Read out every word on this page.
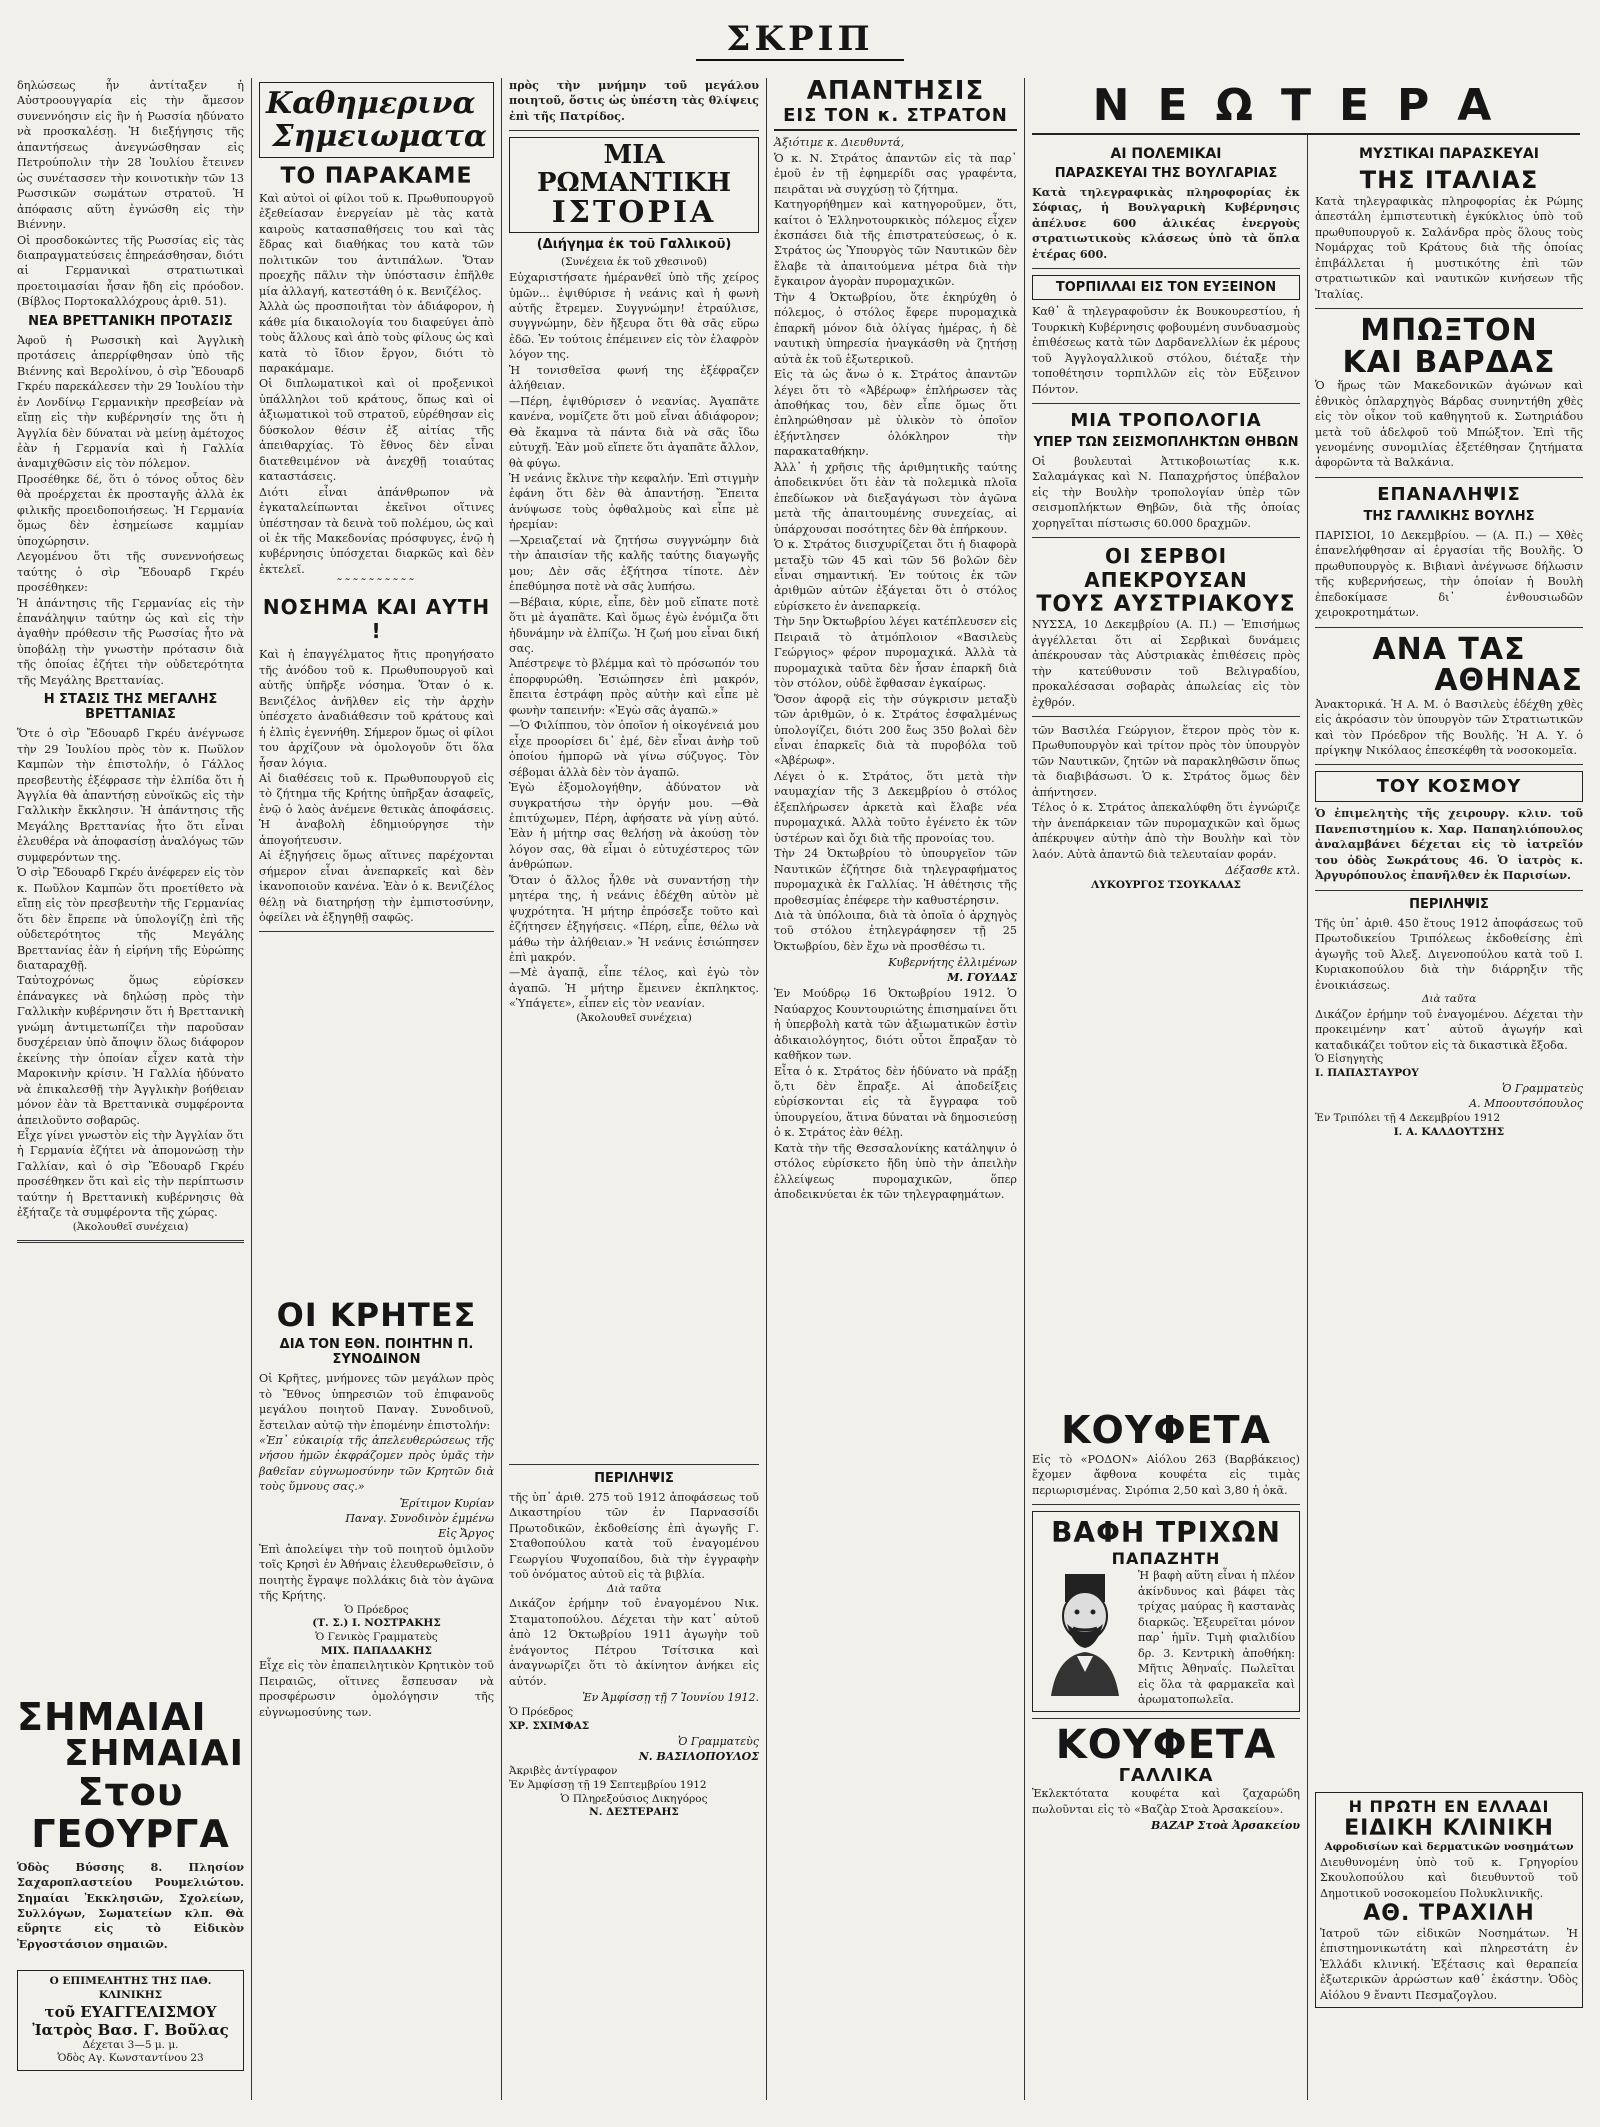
ΣΚΡΙΠ

δηλώσεως ἦν ἀντίταξεν ἡ Αὐστροουγγαρία εἰς τὴν ἄμεσον συνεννόησιν εἰς ἣν ἡ Ρωσσία ηδύνατο νὰ προσκαλέσῃ. Ἡ διεξήγησις τῆς ἀπαντήσεως ἀνεγνώσθησαν εἰς Πετρούπολιν τὴν 28 Ἰουλίου ἔτεινεν ὡς συνέτασσεν τὴν κοινοτικὴν τῶν 13 Ρωσσικῶν σωμάτων στρατοῦ. Ἡ ἀπόφασις αὕτη ἐγνώσθη εἰς τὴν Βιέννην.

Οἱ προσδοκώντες τῆς Ρωσσίας εἰς τὰς διαπραγματεύσεις ἐπηρεάσθησαν, διότι αἱ Γερμανικαὶ στρατιωτικαὶ προετοιμασίαι ἦσαν ἤδη εἰς πρόοδον. (Βίβλος Πορτοκαλλόχρους ἀριθ. 51).

ΝΕΑ ΒΡΕΤΤΑΝΙΚΗ ΠΡΟΤΑΣΙΣ

Ἀφοῦ ἡ Ρωσσικὴ καὶ Ἀγγλικὴ προτάσεις ἀπερρίφθησαν ὑπὸ τῆς Βιέννης καὶ Βερολίνου, ὁ σὶρ Ἔδουαρδ Γκρέυ παρεκάλεσεν τὴν 29 Ἰουλίου τὴν ἐν Λονδίνῳ Γερμανικὴν πρεσβείαν νὰ εἴπῃ εἰς τὴν κυβέρνησίν της ὅτι ἡ Ἀγγλία δὲν δύναται νὰ μείνῃ ἀμέτοχος ἐὰν ἡ Γερμανία καὶ ἡ Γαλλία ἀναμιχθῶσιν εἰς τὸν πόλεμον.

Προσέθηκε δέ, ὅτι ὁ τόνος οὗτος δὲν θὰ προέρχεται ἐκ προσταγῆς ἀλλὰ ἐκ φιλικῆς προειδοποιήσεως. Ἡ Γερμανία ὅμως δὲν ἐσημείωσε καμμίαν ὑποχώρησιν.

Λεγομένου ὅτι τῆς συνεννοήσεως ταύτης ὁ σὶρ Ἔδουαρδ Γκρέυ προσέθηκεν:

Ἡ ἀπάντησις τῆς Γερμανίας εἰς τὴν ἐπανάληψιν ταύτην ὡς καὶ εἰς τὴν ἀγαθὴν πρόθεσιν τῆς Ρωσσίας ἦτο νὰ ὑποβάλῃ τὴν γνωστὴν πρότασιν διὰ τῆς ὁποίας ἐζήτει τὴν οὐδετερότητα τῆς Μεγάλης Βρεττανίας.

Η ΣΤΑΣΙΣ ΤΗΣ ΜΕΓΑΛΗΣ ΒΡΕΤΤΑΝΙΑΣ

Ὅτε ὁ σὶρ Ἔδουαρδ Γκρέυ ἀνέγνωσε τὴν 29 Ἰουλίου πρὸς τὸν κ. Πωῦλον Καμπὼν τὴν ἐπιστολήν, ὁ Γάλλος πρεσβευτὴς ἐξέφρασε τὴν ἐλπίδα ὅτι ἡ Ἀγγλία θὰ ἀπαντήσῃ εὐνοϊκῶς εἰς τὴν Γαλλικὴν ἔκκλησιν. Ἡ ἀπάντησις τῆς Μεγάλης Βρεττανίας ἦτο ὅτι εἶναι ἐλευθέρα νὰ ἀποφασίσῃ ἀναλόγως τῶν συμφερόντων της.

Ὁ σὶρ Ἔδουαρδ Γκρέυ ἀνέφερεν εἰς τὸν κ. Πωῦλον Καμπὼν ὅτι προετίθετο νὰ εἴπῃ εἰς τὸν πρεσβευτὴν τῆς Γερμανίας ὅτι δὲν ἔπρεπε νὰ ὑπολογίζῃ ἐπὶ τῆς οὐδετερότητος τῆς Μεγάλης Βρεττανίας ἐὰν ἡ εἰρήνη τῆς Εὐρώπης διαταραχθῇ.

Ταὐτοχρόνως ὅμως εὑρίσκεν ἐπάναγκες νὰ δηλώσῃ πρὸς τὴν Γαλλικὴν κυβέρνησιν ὅτι ἡ Βρεττανικὴ γνώμη ἀντιμετωπίζει τὴν παροῦσαν δυσχέρειαν ὑπὸ ἄποψιν ὅλως διάφορον ἐκείνης τὴν ὁποίαν εἶχεν κατὰ τὴν Μαροκινὴν κρίσιν. Ἡ Γαλλία ἠδύνατο νὰ ἐπικαλεσθῇ τὴν Ἀγγλικὴν βοήθειαν μόνον ἐὰν τὰ Βρεττανικὰ συμφέροντα ἀπειλοῦντο σοβαρῶς.

Εἶχε γίνει γνωστὸν εἰς τὴν Ἀγγλίαν ὅτι ἡ Γερμανία ἐζήτει νὰ ἀπομονώσῃ τὴν Γαλλίαν, καὶ ὁ σὶρ Ἔδουαρδ Γκρέυ προσέθηκεν ὅτι καὶ εἰς τὴν περίπτωσιν ταύτην ἡ Βρεττανικὴ κυβέρνησις θὰ ἐξήταζε τὰ συμφέροντα τῆς χώρας.

(Ἀκολουθεῖ συνέχεια)
ΣΗΜΑΙΑΙ
ΣΗΜΑΙΑΙ
Στου ΓΕΟΥΡΓΑ

Ὁδὸς Βύσσης 8. Πλησίον Σαχαροπλαστείου Ρουμελιώτου. Σημαίαι Ἐκκλησιῶν, Σχολείων, Συλλόγων, Σωματείων κλπ. Θὰ εὕρητε εἰς τὸ Εἰδικὸν Ἐργοστάσιον σημαιῶν.

Ο ΕΠΙΜΕΛΗΤΗΣ ΤΗΣ ΠΑΘ. ΚΛΙΝΙΚΗΣ
τοῦ ΕΥΑΓΓΕΛΙΣΜΟΥ
Ἰατρὸς Βασ. Γ. Βοῦλας
Δέχεται 3—5 μ. μ.
Ὁδὸς Αγ. Κωνσταντίνου 23
Καθημερινα
Σημειωματα
ΤΟ ΠΑΡΑΚΑΜΕ

Καὶ αὐτοὶ οἱ φίλοι τοῦ κ. Πρωθυπουργοῦ ἐξεθείασαν ἐνεργείαν μὲ τὰς κατὰ καιροὺς κατασπαθήσεις του καὶ τὰς ἕδρας καὶ διαθήκας του κατὰ τῶν πολιτικῶν του ἀντιπάλων. Ὅταν προεχῆς πᾶλιν τὴν ὑπόστασιν ἐπῆλθε μία ἀλλαγή, κατεστάθη ὁ κ. Βενιζέλος.

Ἀλλὰ ὡς προσποιῆται τὸν ἀδιάφορον, ἡ κάθε μία δικαιολογία του διαφεύγει ἀπὸ τοὺς ἄλλους καὶ ἀπὸ τοὺς φίλους ὡς καὶ κατὰ τὸ ἴδιον ἔργον, διότι τὸ παρακάμαμε.

Οἱ διπλωματικοὶ καὶ οἱ προξενικοὶ ὑπάλληλοι τοῦ κράτους, ὅπως καὶ οἱ ἀξιωματικοὶ τοῦ στρατοῦ, εὑρέθησαν εἰς δύσκολον θέσιν ἐξ αἰτίας τῆς ἀπειθαρχίας. Τὸ ἔθνος δὲν εἶναι διατεθειμένον νὰ ἀνεχθῇ τοιαύτας καταστάσεις.

Διότι εἶναι ἀπάνθρωπον νὰ ἐγκαταλείπωνται ἐκεῖνοι οἵτινες ὑπέστησαν τὰ δεινὰ τοῦ πολέμου, ὡς καὶ οἱ ἐκ τῆς Μακεδονίας πρόσφυγες, ἐνῷ ἡ κυβέρνησις ὑπόσχεται διαρκῶς καὶ δὲν ἐκτελεῖ.

˜˜˜˜˜˜˜˜˜˜
ΝΟΣΗΜΑ ΚΑΙ ΑΥΤΗ !

Καὶ ἡ ἐπαγγέλματος ἤτις προηγήσατο τῆς ἀνόδου τοῦ κ. Πρωθυπουργοῦ καὶ αὐτῆς ὑπῆρξε νόσημα. Ὅταν ὁ κ. Βενιζέλος ἀνῆλθεν εἰς τὴν ἀρχὴν ὑπέσχετο ἀναδιάθεσιν τοῦ κράτους καὶ ἡ ἐλπὶς ἐγεννήθη. Σήμερον ὅμως οἱ φίλοι του ἀρχίζουν νὰ ὁμολογοῦν ὅτι ὅλα ἦσαν λόγια.

Αἱ διαθέσεις τοῦ κ. Πρωθυπουργοῦ εἰς τὸ ζήτημα τῆς Κρήτης ὑπῆρξαν ἀσαφεῖς, ἐνῷ ὁ λαὸς ἀνέμενε θετικὰς ἀποφάσεις. Ἡ ἀναβολὴ ἐδημιούργησε τὴν ἀπογοήτευσιν.

Αἱ ἐξηγήσεις ὅμως αἵτινες παρέχονται σήμερον εἶναι ἀνεπαρκεῖς καὶ δὲν ἱκανοποιοῦν κανένα. Ἐὰν ὁ κ. Βενιζέλος θέλῃ νὰ διατηρήσῃ τὴν ἐμπιστοσύνην, ὀφείλει νὰ ἐξηγηθῇ σαφῶς.

ΟΙ ΚΡΗΤΕΣ
ΔΙΑ ΤΟΝ ΕΘΝ. ΠΟΙΗΤΗΝ Π. ΣΥΝΟΔΙΝΟΝ

Οἱ Κρῆτες, μνήμονες τῶν μεγάλων πρὸς τὸ Ἔθνος ὑπηρεσιῶν τοῦ ἐπιφανοῦς μεγάλου ποιητοῦ Παναγ. Συνοδινοῦ, ἔστειλαν αὐτῷ τὴν ἑπομένην ἐπιστολήν:

«Ἐπ᾽ εὐκαιρίᾳ τῆς ἀπελευθερώσεως τῆς νήσου ἡμῶν ἐκφράζομεν πρὸς ὑμᾶς τὴν βαθεῖαν εὐγνωμοσύνην τῶν Κρητῶν διὰ τοὺς ὕμνους σας.»

Ἐρίτιμον Κυρίαν
Παναγ. Συνοδινὸν ἐμμένω
Εἰς Ἄργος

Ἐπὶ ἀπολείψει τὴν τοῦ ποιητοῦ ὁμιλοῦν τοῖς Κρησὶ ἐν Ἀθήναις ἐλευθερωθεῖσιν, ὁ ποιητὴς ἔγραψε πολλάκις διὰ τὸν ἀγῶνα τῆς Κρήτης.

Ὁ Πρόεδρος
(Τ. Σ.) Ι. ΝΟΣΤΡΑΚΗΣ
Ὁ Γενικὸς Γραμματεὺς
ΜΙΧ. ΠΑΠΑΔΑΚΗΣ

Εἶχε εἰς τὸν ἐπαπειλητικὸν Κρητικὸν τοῦ Πειραιῶς, οἵτινες ἔσπευσαν νὰ προσφέρωσιν ὁμολόγησιν τῆς εὐγνωμοσύνης των.

πρὸς τὴν μνήμην τοῦ μεγάλου ποιητοῦ, ὅστις ὡς ὑπέστη τὰς θλίψεις ἐπὶ τῆς Πατρίδος.

ΜΙΑ ΡΩΜΑΝΤΙΚΗ
ΙΣΤΟΡΙΑ
(Διήγημα ἐκ τοῦ Γαλλικοῦ)
(Συνέχεια ἐκ τοῦ χθεσινοῦ)

Εὐχαριστήσατε ἡμέρανθεῖ ὑπὸ τῆς χείρος ὑμῶν... ἐψιθύρισε ἡ νεάνις καὶ ἡ φωνὴ αὐτῆς ἔτρεμεν. Συγγνώμην! ἐτραύλισε, συγγνώμην, δὲν ἤξευρα ὅτι θὰ σᾶς εὕρω ἐδῶ. Ἐν τούτοις ἐπέμεινεν εἰς τὸν ἐλαφρὸν λόγον της.

Ἡ τονισθεῖσα φωνή της ἐξέφραζεν ἀλήθειαν.

—Πέρη, ἐψιθύρισεν ὁ νεανίας. Ἀγαπᾶτε κανένα, νομίζετε ὅτι μοῦ εἶναι ἀδιάφορον; Θὰ ἔκαμνα τὰ πάντα διὰ νὰ σᾶς ἴδω εὐτυχῆ. Ἐὰν μοῦ εἴπετε ὅτι ἀγαπᾶτε ἄλλον, θὰ φύγω.

Ἡ νεάνις ἔκλινε τὴν κεφαλήν. Ἐπὶ στιγμὴν ἐφάνη ὅτι δὲν θὰ ἀπαντήσῃ. Ἔπειτα ἀνύψωσε τοὺς ὀφθαλμοὺς καὶ εἶπε μὲ ἠρεμίαν:

—Χρειαζεταί νὰ ζητήσω συγγνώμην διὰ τὴν ἀπαισίαν τῆς καλῆς ταύτης διαγωγῆς μου; Δὲν σᾶς ἐξήτησα τίποτε. Δὲν ἐπεθύμησα ποτὲ νὰ σᾶς λυπήσω.

—Βέβαια, κύριε, εἶπε, δὲν μοῦ εἴπατε ποτὲ ὅτι μὲ ἀγαπᾶτε. Καὶ ὅμως ἐγὼ ἐνόμιζα ὅτι ἠδυνάμην νὰ ἐλπίζω. Ἡ ζωή μου εἶναι δική σας.

Ἀπέστρεψε τὸ βλέμμα καὶ τὸ πρόσωπόν του ἐπορφυρώθη. Ἐσιώπησεν ἐπὶ μακρόν, ἔπειτα ἐστράφη πρὸς αὐτὴν καὶ εἶπε μὲ φωνὴν ταπεινήν: «Ἐγὼ σᾶς ἀγαπῶ.»

—Ὁ Φιλίππου, τὸν ὁποῖον ἡ οἰκογένειά μου εἶχε προορίσει δι᾽ ἐμέ, δὲν εἶναι ἀνὴρ τοῦ ὁποίου ἠμπορῶ νὰ γίνω σύζυγος. Τὸν σέβομαι ἀλλὰ δὲν τὸν ἀγαπῶ.

Ἐγὼ ἐξομολογήθην, ἀδύνατον νὰ συγκρατήσω τὴν ὀργήν μου. —Θὰ ἐπιτύχωμεν, Πέρη, ἀφήσατε νὰ γίνῃ αὐτό. Ἐὰν ἡ μήτηρ σας θελήσῃ νὰ ἀκούσῃ τὸν λόγον σας, θὰ εἶμαι ὁ εὐτυχέστερος τῶν ἀνθρώπων.

Ὅταν ὁ ἄλλος ἦλθε νὰ συναντήσῃ τὴν μητέρα της, ἡ νεάνις ἐδέχθη αὐτὸν μὲ ψυχρότητα. Ἡ μήτηρ ἐπρόσεξε τοῦτο καὶ ἐζήτησεν ἐξηγήσεις. «Πέρη, εἶπε, θέλω νὰ μάθω τὴν ἀλήθειαν.» Ἡ νεάνις ἐσιώπησεν ἐπὶ μακρόν.

—Μὲ ἀγαπᾷ, εἶπε τέλος, καὶ ἐγὼ τὸν ἀγαπῶ. Ἡ μήτηρ ἔμεινεν ἐκπληκτος. «Ὑπάγετε», εἶπεν εἰς τὸν νεανίαν.

(Ἀκολουθεῖ συνέχεια)
ΠΕΡΙΛΗΨΙΣ

τῆς ὑπ᾽ ἀριθ. 275 τοῦ 1912 ἀποφάσεως τοῦ Δικαστηρίου τῶν ἐν Παρνασσίδι Πρωτοδικῶν, ἐκδοθείσης ἐπὶ ἀγωγῆς Γ. Σταθοπούλου κατὰ τοῦ ἐναγομένου Γεωργίου Ψυχοπαίδου, διὰ τὴν ἐγγραφὴν τοῦ ὀνόματος αὐτοῦ εἰς τὰ βιβλία.

Διὰ ταῦτα

Δικάζον ἐρήμην τοῦ ἐναγομένου Νικ. Σταματοπούλου. Δέχεται τὴν κατ᾽ αὐτοῦ ἀπὸ 12 Ὀκτωβρίου 1911 ἀγωγὴν τοῦ ἐνάγοντος Πέτρου Τσίτσικα καὶ ἀναγνωρίζει ὅτι τὸ ἀκίνητον ἀνήκει εἰς αὐτόν.

Ἐν Ἀμφίσσῃ τῇ 7 Ἰουνίου 1912.
Ὁ Πρόεδρος
ΧΡ. ΣΧΙΜΦΑΣ
Ὁ Γραμματεὺς
Ν. ΒΑΣΙΛΟΠΟΥΛΟΣ
Ἀκριβὲς ἀντίγραφον
Ἐν Ἀμφίσσῃ τῇ 19 Σεπτεμβρίου 1912
Ὁ Πληρεξούσιος Δικηγόρος
Ν. ΔΕΣΤΕΡΑΗΣ
ΑΠΑΝΤΗΣΙΣ
ΕΙΣ ΤΟΝ κ. ΣΤΡΑΤΟΝ

Ἀξιότιμε κ. Διευθυντά,

Ὁ κ. Ν. Στράτος ἀπαντῶν εἰς τὰ παρ᾽ ἐμοῦ ἐν τῇ ἐφημερίδι σας γραφέντα, πειρᾶται νὰ συγχύσῃ τὸ ζήτημα.

Κατηγορήθημεν καὶ κατηγοροῦμεν, ὅτι, καίτοι ὁ Ἑλληνοτουρκικὸς πόλεμος εἶχεν ἐκσπάσει διὰ τῆς ἐπιστρατεύσεως, ὁ κ. Στράτος ὡς Ὑπουργὸς τῶν Ναυτικῶν δὲν ἔλαβε τὰ ἀπαιτούμενα μέτρα διὰ τὴν ἔγκαιρον ἀγορὰν πυρομαχικῶν.

Τὴν 4 Ὀκτωβρίου, ὅτε ἐκηρύχθη ὁ πόλεμος, ὁ στόλος ἔφερε πυρομαχικὰ ἐπαρκῆ μόνον διὰ ὀλίγας ἡμέρας, ἡ δὲ ναυτικὴ ὑπηρεσία ἠναγκάσθη νὰ ζητήσῃ αὐτὰ ἐκ τοῦ ἐξωτερικοῦ.

Εἰς τὰ ὡς ἄνω ὁ κ. Στράτος ἀπαντῶν λέγει ὅτι τὸ «Ἀβέρωφ» ἐπλήρωσεν τὰς ἀποθήκας του, δὲν εἶπε ὅμως ὅτι ἐπληρώθησαν μὲ ὑλικὸν τὸ ὁποῖον ἐξήντλησεν ὁλόκληρον τὴν παρακαταθήκην.

Ἀλλ᾽ ἡ χρῆσις τῆς ἀριθμητικῆς ταύτης ἀποδεικνύει ὅτι ἐὰν τὰ πολεμικὰ πλοῖα ἐπεδίωκον νὰ διεξαγάγωσι τὸν ἀγῶνα μετὰ τῆς ἀπαιτουμένης συνεχείας, αἱ ὑπάρχουσαι ποσότητες δὲν θὰ ἐπήρκουν.

Ὁ κ. Στράτος διισχυρίζεται ὅτι ἡ διαφορὰ μεταξὺ τῶν 45 καὶ τῶν 56 βολῶν δὲν εἶναι σημαντική. Ἐν τούτοις ἐκ τῶν ἀριθμῶν αὐτῶν ἐξάγεται ὅτι ὁ στόλος εὑρίσκετο ἐν ἀνεπαρκείᾳ.

Τὴν 5ην Ὀκτωβρίου λέγει κατέπλευσεν εἰς Πειραιᾶ τὸ ἀτμόπλοιον «Βασιλεὺς Γεώργιος» φέρον πυρομαχικά. Ἀλλὰ τὰ πυρομαχικὰ ταῦτα δὲν ἦσαν ἐπαρκῆ διὰ τὸν στόλον, οὐδὲ ἔφθασαν ἐγκαίρως.

Ὅσον ἀφορᾷ εἰς τὴν σύγκρισιν μεταξὺ τῶν ἀριθμῶν, ὁ κ. Στράτος ἐσφαλμένως ὑπολογίζει, διότι 200 ἔως 350 βολαὶ δὲν εἶναι ἐπαρκεῖς διὰ τὰ πυροβόλα τοῦ «Ἀβέρωφ».

Λέγει ὁ κ. Στράτος, ὅτι μετὰ τὴν ναυμαχίαν τῆς 3 Δεκεμβρίου ὁ στόλος ἐξεπλήρωσεν ἀρκετὰ καὶ ἔλαβε νέα πυρομαχικά. Ἀλλὰ τοῦτο ἐγένετο ἐκ τῶν ὑστέρων καὶ ὄχι διὰ τῆς προνοίας του.

Τὴν 24 Ὀκτωβρίου τὸ ὑπουργεῖον τῶν Ναυτικῶν ἐζήτησε διὰ τηλεγραφήματος πυρομαχικὰ ἐκ Γαλλίας. Ἡ ἀθέτησις τῆς προθεσμίας ἐπέφερε τὴν καθυστέρησιν.

Διὰ τὰ ὑπόλοιπα, διὰ τὰ ὁποῖα ὁ ἀρχηγὸς τοῦ στόλου ἐτηλεγράφησεν τῇ 25 Ὀκτωβρίου, δὲν ἔχω νὰ προσθέσω τι.

Κυβερνήτης ἐλλιμένων
Μ. ΓΟΥΔΑΣ

Ἐν Μούδρῳ 16 Ὀκτωβρίου 1912. Ὁ Ναύαρχος Κουντουριώτης ἐπισημαίνει ὅτι ἡ ὑπερβολὴ κατὰ τῶν ἀξιωματικῶν ἐστὶν ἀδικαιολόγητος, διότι οὗτοι ἔπραξαν τὸ καθῆκον των.

Εἶτα ὁ κ. Στράτος δὲν ἠδύνατο νὰ πράξῃ ὅ,τι δὲν ἔπραξε. Αἱ ἀποδείξεις εὑρίσκονται εἰς τὰ ἔγγραφα τοῦ ὑπουργείου, ἅτινα δύναται νὰ δημοσιεύσῃ ὁ κ. Στράτος ἐὰν θέλῃ.

Κατὰ τὴν τῆς Θεσσαλονίκης κατάληψιν ὁ στόλος εὑρίσκετο ἤδη ὑπὸ τὴν ἀπειλὴν ἐλλείψεως πυρομαχικῶν, ὅπερ ἀποδεικνύεται ἐκ τῶν τηλεγραφημάτων.

ΝΕΩΤΕΡΑ
ΑΙ ΠΟΛΕΜΙΚΑΙ
ΠΑΡΑΣΚΕΥΑΙ ΤΗΣ ΒΟΥΛΓΑΡΙΑΣ

Κατὰ τηλεγραφικὰς πληροφορίας ἐκ Σόφιας, ἡ Βουλγαρικὴ Κυβέρνησις ἀπέλυσε 600 ἁλικέας ἐνεργοὺς στρατιωτικοὺς κλάσεως ὑπὸ τὰ ὅπλα ἑτέρας 600.

ΤΟΡΠΙΛΛΑΙ ΕΙΣ ΤΟΝ ΕΥΞΕΙΝΟΝ

Καθ᾽ ἃ τηλεγραφοῦσιν ἐκ Βουκουρεστίου, ἡ Τουρκικὴ Κυβέρνησις φοβουμένη συνδυασμοὺς ἐπιθέσεως κατὰ τῶν Δαρδανελλίων ἐκ μέρους τοῦ Ἀγγλογαλλικοῦ στόλου, διέταξε τὴν τοποθέτησιν τορπιλλῶν εἰς τὸν Εὔξεινον Πόντον.

ΜΙΑ ΤΡΟΠΟΛΟΓΙΑ
ΥΠΕΡ ΤΩΝ ΣΕΙΣΜΟΠΛΗΚΤΩΝ ΘΗΒΩΝ

Οἱ βουλευταὶ Ἀττικοβοιωτίας κ.κ. Σαλαμάγκας καὶ Ν. Παπαχρήστος ὑπέβαλον εἰς τὴν Βουλὴν τροπολογίαν ὑπὲρ τῶν σεισμοπλήκτων Θηβῶν, διὰ τῆς ὁποίας χορηγεῖται πίστωσις 60.000 δραχμῶν.

ΟΙ ΣΕΡΒΟΙ ΑΠΕΚΡΟΥΣΑΝ
ΤΟΥΣ ΑΥΣΤΡΙΑΚΟΥΣ

ΝΥΣΣΑ, 10 Δεκεμβρίου (Α. Π.) — Ἐπισήμως ἀγγέλλεται ὅτι αἱ Σερβικαὶ δυνάμεις ἀπέκρουσαν τὰς Αὐστριακὰς ἐπιθέσεις πρὸς τὴν κατεύθυνσιν τοῦ Βελιγραδίου, προκαλέσασαι σοβαρὰς ἀπωλείας εἰς τὸν ἐχθρόν.

τῶν Βασιλέα Γεώργιον, ἕτερον πρὸς τὸν κ. Πρωθυπουργὸν καὶ τρίτον πρὸς τὸν ὑπουργὸν τῶν Ναυτικῶν, ζητῶν νὰ παρακληθῶσιν ὅπως τὰ διαβιβάσωσι. Ὁ κ. Στράτος ὅμως δὲν ἀπήντησεν.

Τέλος ὁ κ. Στράτος ἀπεκαλύφθη ὅτι ἐγνώριζε τὴν ἀνεπάρκειαν τῶν πυρομαχικῶν καὶ ὅμως ἀπέκρυψεν αὐτὴν ἀπὸ τὴν Βουλὴν καὶ τὸν λαόν. Αὐτὰ ἀπαντῶ διὰ τελευταίαν φοράν.

Δέξασθε κτλ.
ΛΥΚΟΥΡΓΟΣ ΤΣΟΥΚΑΛΑΣ
ΚΟΥΦΕΤΑ

Εἰς τὸ «ΡΟΔΟΝ» Αἰόλου 263 (Βαρβάκειος) ἔχομεν ἄφθονα κουφέτα εἰς τιμὰς περιωρισμένας. Σιρόπια 2,50 καὶ 3,80 ἡ ὀκᾶ.

ΒΑΦΗ ΤΡΙΧΩΝ
ΠΑΠΑΖΗΤΗ

Ἡ βαφὴ αὕτη εἶναι ἡ πλέον ἀκίνδυνος καὶ βάφει τὰς τρίχας μαύρας ἢ καστανὰς διαρκῶς. Ἐξευρεῖται μόνον παρ᾽ ἡμῖν. Τιμὴ φιαλιδίου δρ. 3. Κεντρικὴ ἀποθήκη: Μῆτις Ἀθηναΐς. Πωλεῖται εἰς ὅλα τὰ φαρμακεῖα καὶ ἀρωματοπωλεῖα.

ΚΟΥΦΕΤΑ
ΓΑΛΛΙΚΑ

Ἐκλεκτότατα κουφέτα καὶ ζαχαρώδη πωλοῦνται εἰς τὸ «Βαζὰρ Στοὰ Ἀρσακείου».

ΒΑΖΑΡ Στοὰ Ἀρσακείου
ΜΥΣΤΙΚΑΙ ΠΑΡΑΣΚΕΥΑΙ
ΤΗΣ ΙΤΑΛΙΑΣ

Κατὰ τηλεγραφικὰς πληροφορίας ἐκ Ρώμης ἀπεστάλη ἐμπιστευτικὴ ἐγκύκλιος ὑπὸ τοῦ πρωθυπουργοῦ κ. Σαλάνδρα πρὸς ὅλους τοὺς Νομάρχας τοῦ Κράτους διὰ τῆς ὁποίας ἐπιβάλλεται ἡ μυστικότης ἐπὶ τῶν στρατιωτικῶν καὶ ναυτικῶν κινήσεων τῆς Ἰταλίας.

ΜΠΩΞΤΟΝ
ΚΑΙ ΒΑΡΔΑΣ

Ὁ ἥρως τῶν Μακεδονικῶν ἀγώνων καὶ ἐθνικὸς ὁπλαρχηγὸς Βάρδας συνηντήθη χθὲς εἰς τὸν οἶκον τοῦ καθηγητοῦ κ. Σωτηριάδου μετὰ τοῦ ἀδελφοῦ τοῦ Μπώξτον. Ἐπὶ τῆς γενομένης συνομιλίας ἐξετέθησαν ζητήματα ἀφορῶντα τὰ Βαλκάνια.

ΕΠΑΝΑΛΗΨΙΣ
ΤΗΣ ΓΑΛΛΙΚΗΣ ΒΟΥΛΗΣ

ΠΑΡΙΣΙΟΙ, 10 Δεκεμβρίου. — (Α. Π.) — Χθὲς ἐπανελήφθησαν αἱ ἐργασίαι τῆς Βουλῆς. Ὁ πρωθυπουργὸς κ. Βιβιανὶ ἀνέγνωσε δήλωσιν τῆς κυβερνήσεως, τὴν ὁποίαν ἡ Βουλὴ ἐπεδοκίμασε δι᾽ ἐνθουσιωδῶν χειροκροτημάτων.

ΑΝΑ ΤΑΣ
ΑΘΗΝΑΣ

Ἀνακτορικά. Ἡ Α. Μ. ὁ Βασιλεὺς ἐδέχθη χθὲς εἰς ἀκρόασιν τὸν ὑπουργὸν τῶν Στρατιωτικῶν καὶ τὸν Πρόεδρον τῆς Βουλῆς. Ἡ Α. Υ. ὁ πρίγκηψ Νικόλαος ἐπεσκέφθη τὰ νοσοκομεῖα.

ΤΟΥ ΚΟΣΜΟΥ

Ὁ ἐπιμελητὴς τῆς χειρουργ. κλιν. τοῦ Πανεπιστημίου κ. Χαρ. Παπαηλιόπουλος ἀναλαμβάνει δέχεται εἰς τὸ ἰατρεῖόν του ὁδὸς Σωκράτους 46. Ὁ ἰατρὸς κ. Ἀργυρόπουλος ἐπανῆλθεν ἐκ Παρισίων.

ΠΕΡΙΛΗΨΙΣ

Τῆς ὑπ᾽ ἀριθ. 450 ἔτους 1912 ἀποφάσεως τοῦ Πρωτοδικείου Τριπόλεως ἐκδοθείσης ἐπὶ ἀγωγῆς τοῦ Ἀλεξ. Διγενοπούλου κατὰ τοῦ Ι. Κυριακοπούλου διὰ τὴν διάρρηξιν τῆς ἐνοικιάσεως.

Διὰ ταῦτα

Δικάζον ἐρήμην τοῦ ἐναγομένου. Δέχεται τὴν προκειμένην κατ᾽ αὐτοῦ ἀγωγήν καὶ καταδικάζει τοῦτον εἰς τὰ δικαστικὰ ἔξοδα.

Ὁ Εἰσηγητὴς
Ι. ΠΑΠΑΣΤΑΥΡΟΥ
Ὁ Γραμματεὺς
Α. Μποουτσόπουλος
Ἐν Τριπόλει τῇ 4 Δεκεμβρίου 1912
Ι. Α. ΚΑΛΔΟΥΤΣΗΣ
Η ΠΡΩΤΗ ΕΝ ΕΛΛΑΔΙ
ΕΙΔΙΚΗ ΚΛΙΝΙΚΗ
Αφροδισίων καὶ δερματικῶν νοσημάτων

Διευθυνομένη ὑπὸ τοῦ κ. Γρηγορίου Σκουλοπούλου καὶ διευθυντοῦ τοῦ Δημοτικοῦ νοσοκομείου Πολυκλινικῆς.

ΑΘ. ΤΡΑΧΙΛΗ

Ἰατροῦ τῶν εἰδικῶν Νοσημάτων. Ἡ ἐπιστημονικωτάτη καὶ πληρεστάτη ἐν Ἑλλάδι κλινική. Ἐξέτασις καὶ θεραπεία ἐξωτερικῶν ἀρρώστων καθ᾽ ἑκάστην. Ὁδὸς Αἰόλου 9 ἔναντι Πεσμαζογλου.
